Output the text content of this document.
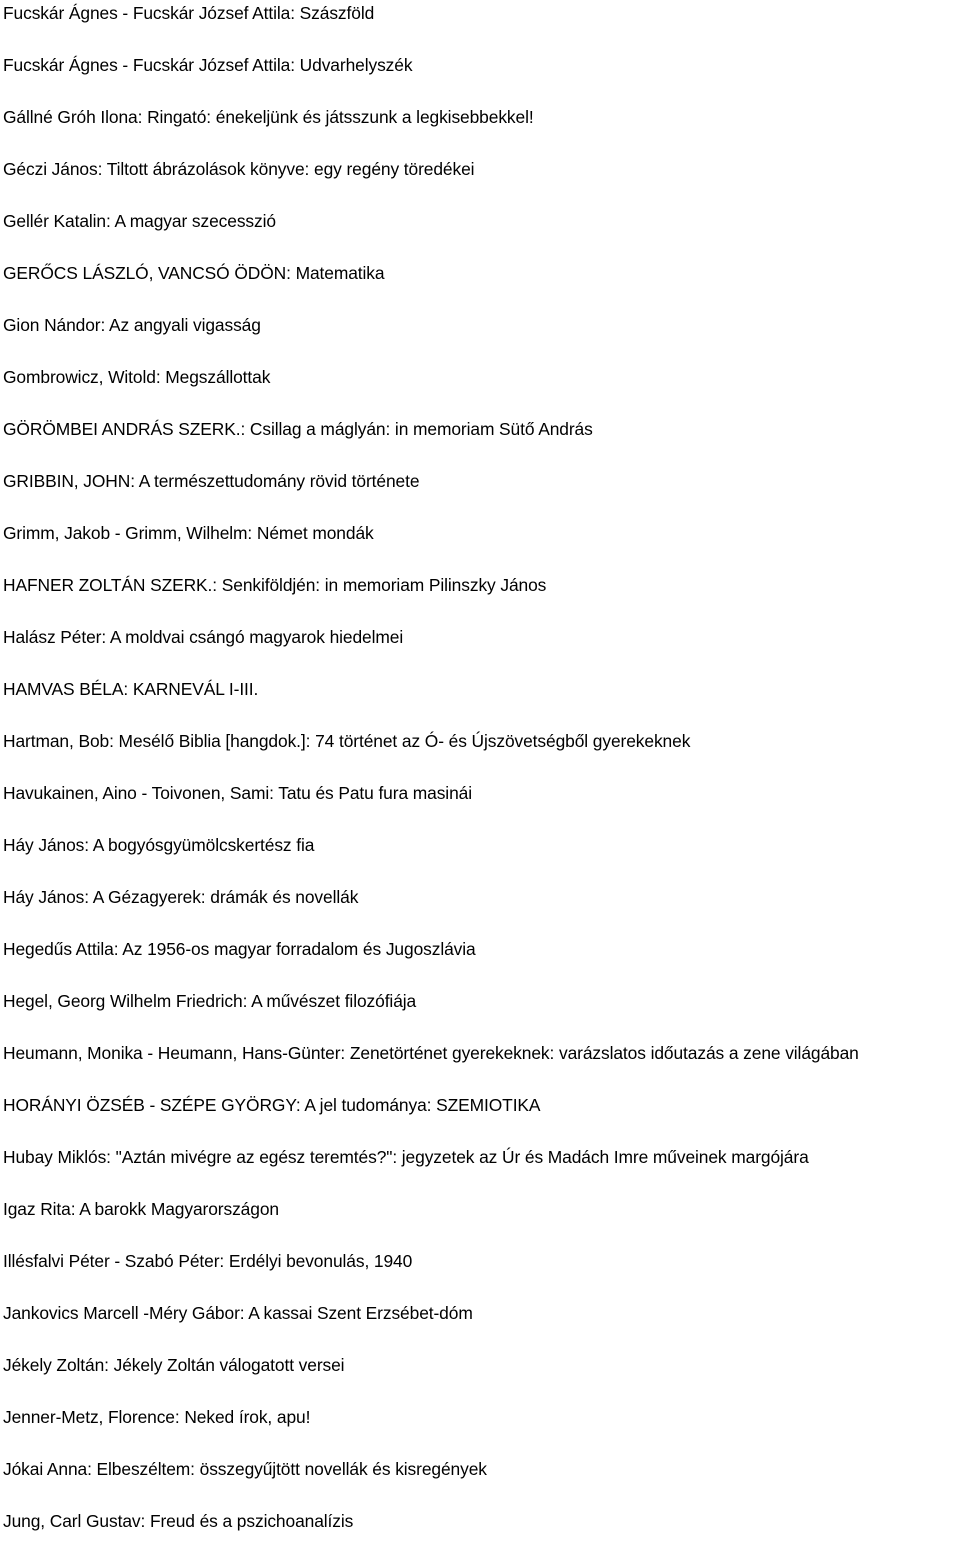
Fucskár Ágnes - Fucskár József Attila: Szászföld
Fucskár Ágnes - Fucskár József Attila: Udvarhelyszék
Gállné Gróh Ilona: Ringató: énekeljünk és játsszunk a legkisebbekkel!
Géczi János: Tiltott ábrázolások könyve: egy regény töredékei
Gellér Katalin: A magyar szecesszió
GERŐCS LÁSZLÓ, VANCSÓ ÖDÖN: Matematika
Gion Nándor: Az angyali vigasság
Gombrowicz, Witold: Megszállottak
GÖRÖMBEI ANDRÁS SZERK.: Csillag a máglyán: in memoriam Sütő András
GRIBBIN, JOHN: A természettudomány rövid története
Grimm, Jakob - Grimm, Wilhelm: Német mondák
HAFNER ZOLTÁN SZERK.: Senkiföldjén: in memoriam Pilinszky János
Halász Péter: A moldvai csángó magyarok hiedelmei
HAMVAS BÉLA: KARNEVÁL I-III.
Hartman, Bob: Mesélő Biblia [hangdok.]: 74 történet az Ó- és Újszövetségből gyerekeknek
Havukainen, Aino - Toivonen, Sami: Tatu és Patu fura masinái
Háy János: A bogyósgyümölcskertész fia
Háy János: A Gézagyerek: drámák és novellák
Hegedűs Attila: Az 1956-os magyar forradalom és Jugoszlávia
Hegel, Georg Wilhelm Friedrich: A művészet filozófiája
Heumann, Monika - Heumann, Hans-Günter: Zenetörténet gyerekeknek: varázslatos időutazás a zene világában
HORÁNYI ÖZSÉB - SZÉPE GYÖRGY: A jel tudománya: SZEMIOTIKA
Hubay Miklós: "Aztán mivégre az egész teremtés?": jegyzetek az Úr és Madách Imre műveinek margójára
Igaz Rita: A barokk Magyarországon
Illésfalvi Péter - Szabó Péter: Erdélyi bevonulás, 1940
Jankovics Marcell -Méry Gábor: A kassai Szent Erzsébet-dóm
Jékely Zoltán: Jékely Zoltán válogatott versei
Jenner-Metz, Florence: Neked írok, apu!
Jókai Anna: Elbeszéltem: összegyűjtött novellák és kisregények
Jung, Carl Gustav: Freud és a pszichoanalízis
